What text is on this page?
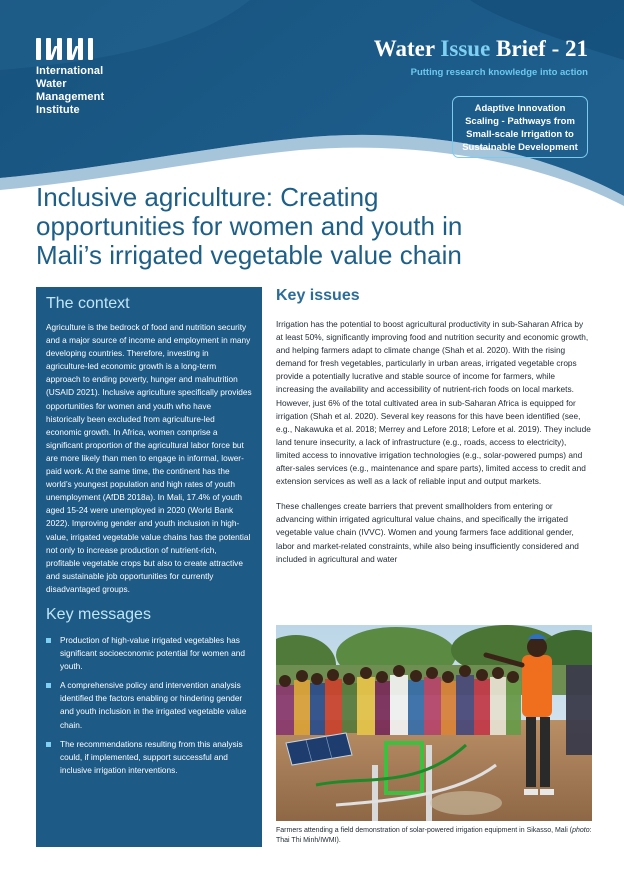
International Water
Management Institute
Water Issue Brief - 21
Putting research knowledge into action
Adaptive Innovation
Scaling - Pathways from
Small-scale Irrigation to
Sustainable Development
Inclusive agriculture: Creating
opportunities for women and youth in
Mali’s irrigated vegetable value chain
The context
Agriculture is the bedrock of food and nutrition security and a major source of income and employment in many developing countries. Therefore, investing in agriculture-led economic growth is a long-term approach to ending poverty, hunger and malnutrition (USAID 2021). Inclusive agriculture specifically provides opportunities for women and youth who have historically been excluded from agriculture-led economic growth. In Africa, women comprise a significant proportion of the agricultural labor force but are more likely than men to engage in informal, lower-paid work. At the same time, the continent has the world’s youngest population and high rates of youth unemployment (AfDB 2018a). In Mali, 17.4% of youth aged 15-24 were unemployed in 2020 (World Bank 2022). Improving gender and youth inclusion in high-value, irrigated vegetable value chains has the potential not only to increase production of nutrient-rich, profitable vegetable crops but also to create attractive and sustainable job opportunities for currently disadvantaged groups.
Key messages
Production of high-value irrigated vegetables has significant socioeconomic potential for women and youth.
A comprehensive policy and intervention analysis identified the factors enabling or hindering gender and youth inclusion in the irrigated vegetable value chain.
The recommendations resulting from this analysis could, if implemented, support successful and inclusive irrigation interventions.
Key issues

Irrigation has the potential to boost agricultural productivity in sub-Saharan Africa by at least 50%, significantly improving food and nutrition security and economic growth, and helping farmers adapt to climate change (Shah et al. 2020). With the rising demand for fresh vegetables, particularly in urban areas, irrigated vegetable crops provide a potentially lucrative and stable source of income for farmers, while increasing the availability and accessibility of nutrient-rich foods on local markets. However, just 6% of the total cultivated area in sub-Saharan Africa is equipped for irrigation (Shah et al. 2020). Several key reasons for this have been identified (see, e.g., Nakawuka et al. 2018; Merrey and Lefore 2018; Lefore et al. 2019). They include land tenure insecurity, a lack of infrastructure (e.g., roads, access to electricity), limited access to innovative irrigation technologies (e.g., solar-powered pumps) and after-sales services (e.g., maintenance and spare parts), limited access to credit and extension services as well as a lack of reliable input and output markets.

These challenges create barriers that prevent smallholders from entering or advancing within irrigated agricultural value chains, and specifically the irrigated vegetable value chain (IVVC). Women and young farmers face additional gender, labor and market-related constraints, while also being insufficiently considered and included in agricultural and water

Farmers attending a field demonstration of solar-powered irrigation equipment in Sikasso, Mali (photo: Thai Thi Minh/IWMI).
